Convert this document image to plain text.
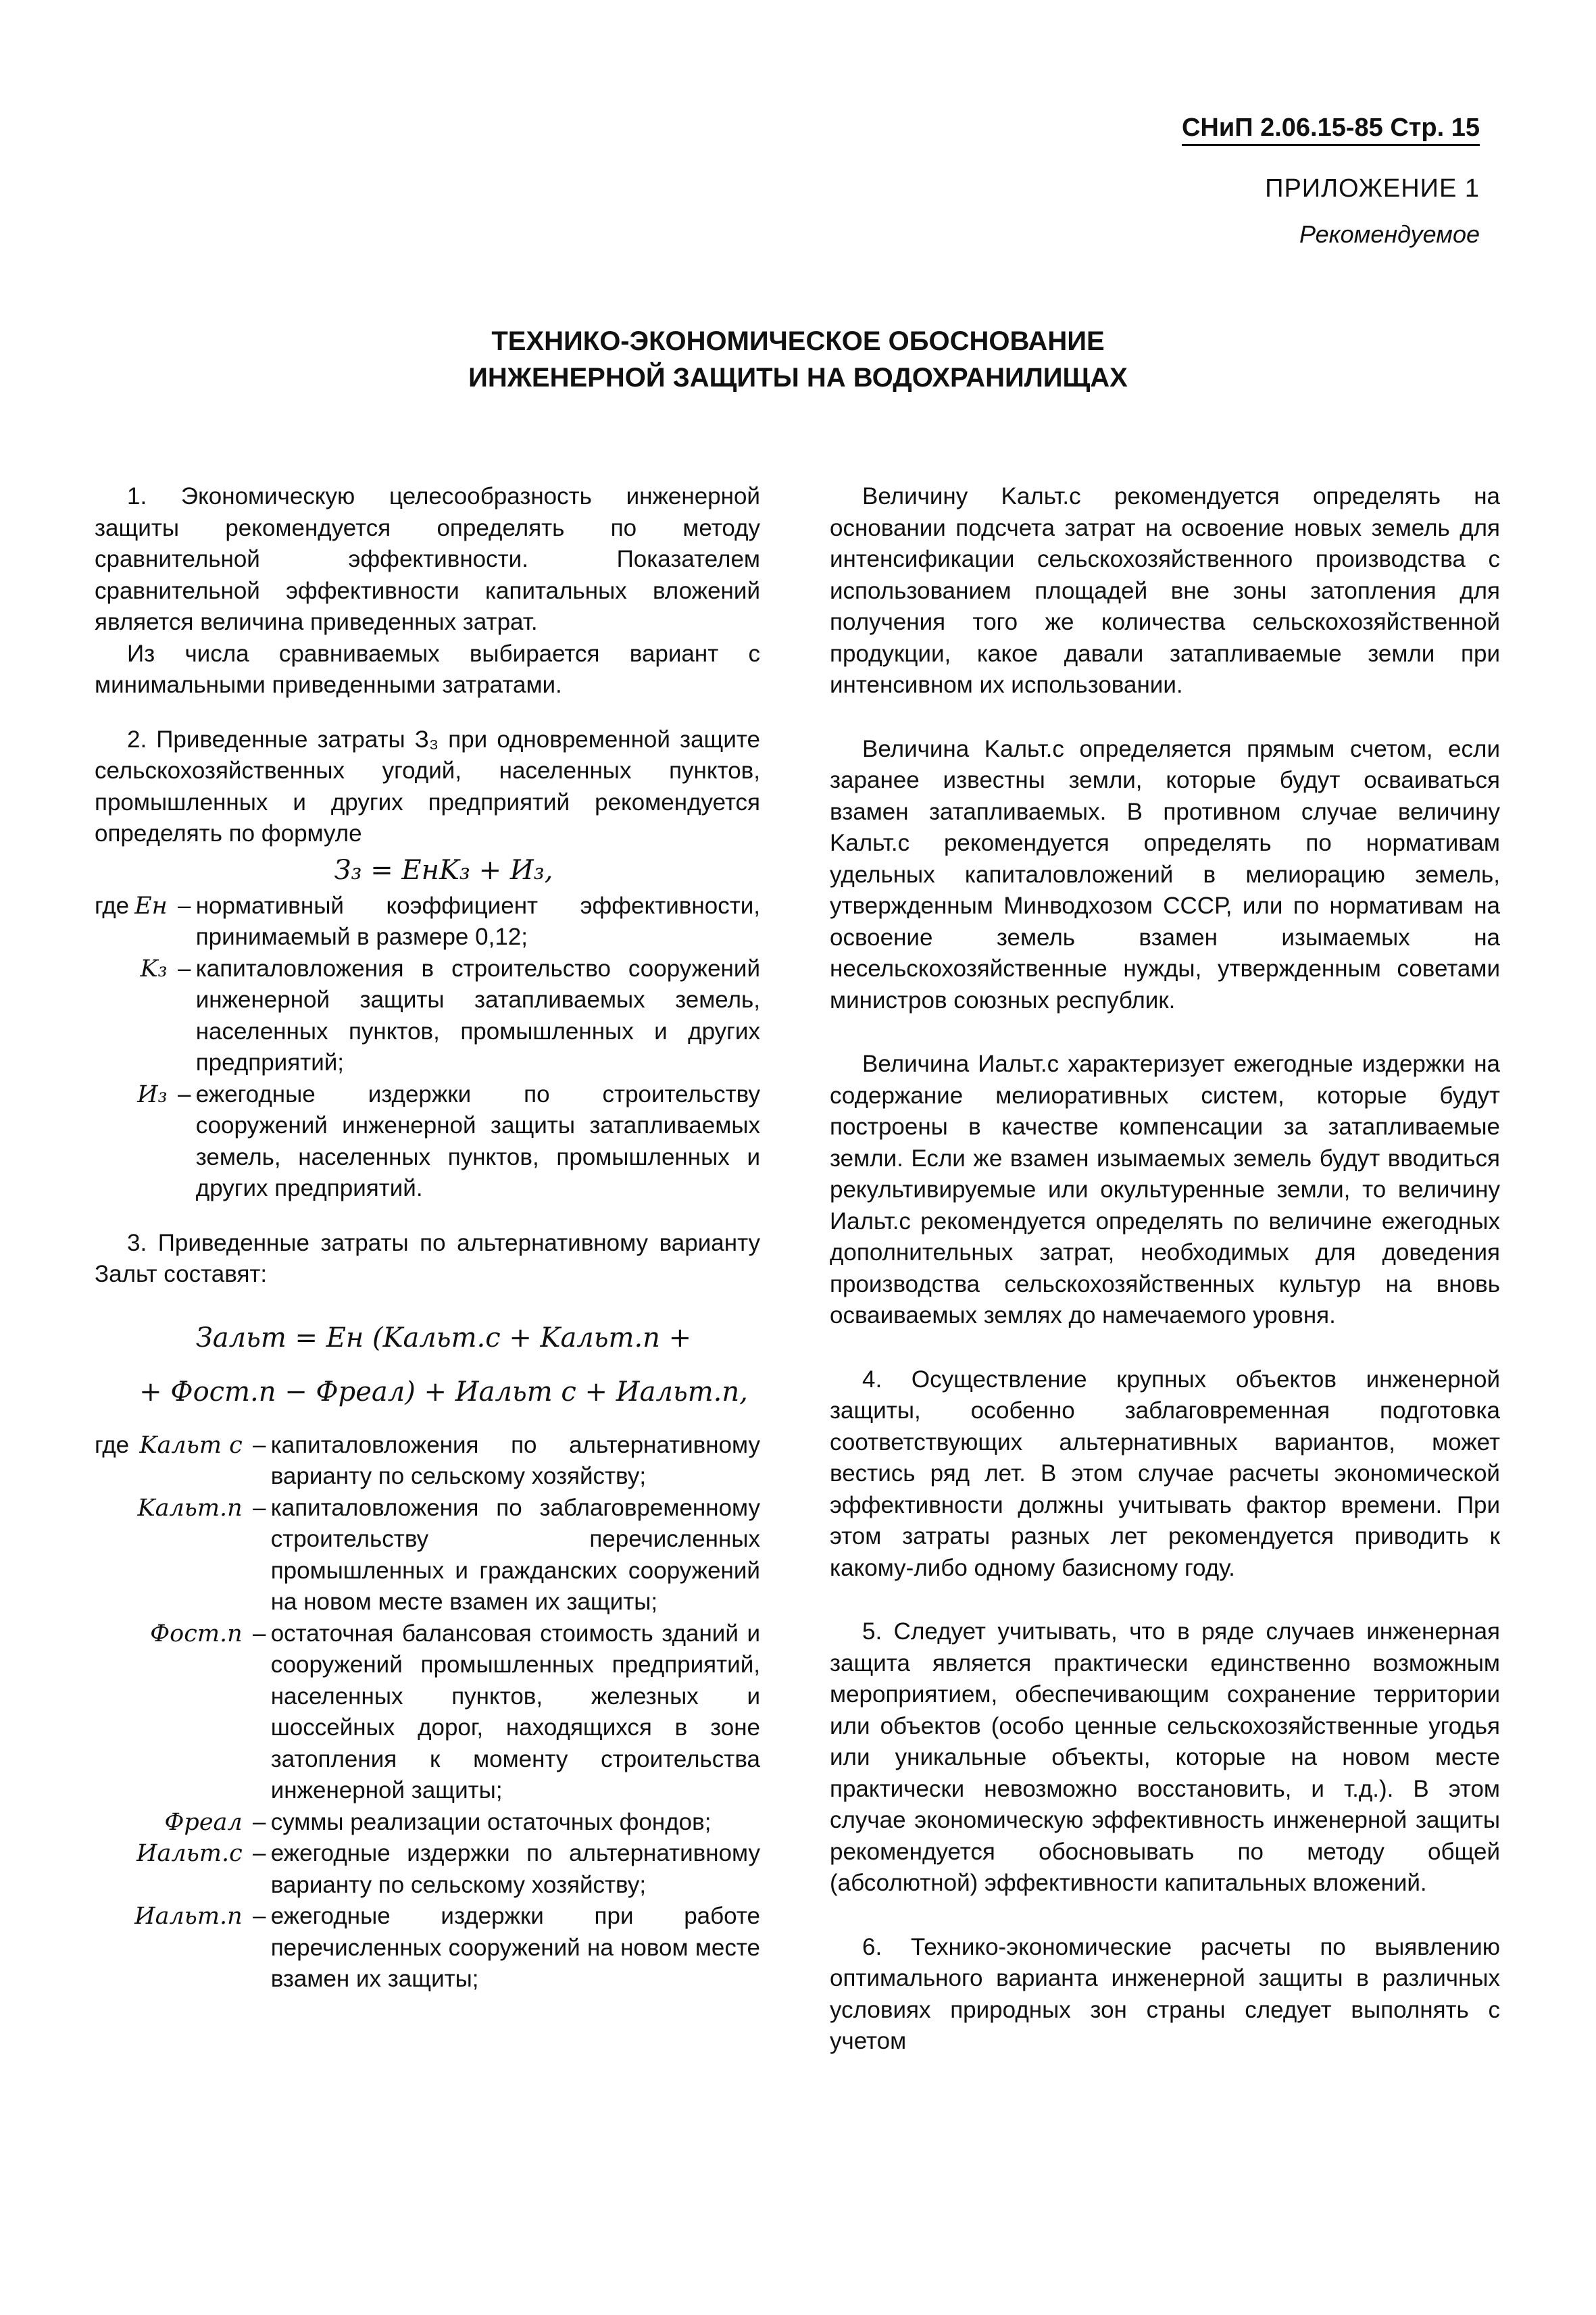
СНиП 2.06.15-85 Стр. 15
ПРИЛОЖЕНИЕ 1
Рекомендуемое
ТЕХНИКО-ЭКОНОМИЧЕСКОЕ ОБОСНОВАНИЕ
ИНЖЕНЕРНОЙ ЗАЩИТЫ НА ВОДОХРАНИЛИЩАХ

1. Экономическую целесообразность инженерной защиты рекомендуется определять по методу сравнительной эффективности. Показателем сравнительной эффективности капитальных вложений является величина приведенных затрат.

Из числа сравниваемых выбирается вариант с минимальными приведенными затратами.

2. Приведенные затраты З₃ при одновременной защите сельскохозяйственных угодий, населенных пунктов, промышленных и других предприятий рекомендуется определять по формуле

З₃ = EнK₃ + И₃,

где	Eн	–	нормативный коэффициент эффективности, принимаемый в размере 0,12;
	K₃	–	капиталовложения в строительство сооружений инженерной защиты затапливаемых земель, населенных пунктов, промышленных и других предприятий;
	И₃	–	ежегодные издержки по строительству сооружений инженерной защиты затапливаемых земель, населенных пунктов, промышленных и других предприятий.

3. Приведенные затраты по альтернативному варианту Зальт составят:

Зальт = Eн (Kальт.с + Kальт.п +

+ Фост.п − Фреал) + Иальт с + Иальт.п,

где	Kальт с	–	капиталовложения по альтернативному варианту по сельскому хозяйству;
	Kальт.п	–	капиталовложения по заблаговременному строительству перечисленных промышленных и гражданских сооружений на новом месте взамен их защиты;
	Фост.п	–	остаточная балансовая стоимость зданий и сооружений промышленных предприятий, населенных пунктов, железных и шоссейных дорог, находящихся в зоне затопления к моменту строительства инженерной защиты;
	Фреал	–	суммы реализации остаточных фондов;
	Иальт.с	–	ежегодные издержки по альтернативному варианту по сельскому хозяйству;
	Иальт.п	–	ежегодные издержки при работе перечисленных сооружений на новом месте взамен их защиты;

Величину Kальт.с рекомендуется определять на основании подсчета затрат на освоение новых земель для интенсификации сельскохозяйственного производства с использованием площадей вне зоны затопления для получения того же количества сельскохозяйственной продукции, какое давали затапливаемые земли при интенсивном их использовании.

Величина Kальт.с определяется прямым счетом, если заранее известны земли, которые будут осваиваться взамен затапливаемых. В противном случае величину Kальт.с рекомендуется определять по нормативам удельных капиталовложений в мелиорацию земель, утвержденным Минводхозом СССР, или по нормативам на освоение земель взамен изымаемых на несельскохозяйственные нужды, утвержденным советами министров союзных республик.

Величина Иальт.с характеризует ежегодные издержки на содержание мелиоративных систем, которые будут построены в качестве компенсации за затапливаемые земли. Если же взамен изымаемых земель будут вводиться рекультивируемые или окультуренные земли, то величину Иальт.с рекомендуется определять по величине ежегодных дополнительных затрат, необходимых для доведения производства сельскохозяйственных культур на вновь осваиваемых землях до намечаемого уровня.

4. Осуществление крупных объектов инженерной защиты, особенно заблаговременная подготовка соответствующих альтернативных вариантов, может вестись ряд лет. В этом случае расчеты экономической эффективности должны учитывать фактор времени. При этом затраты разных лет рекомендуется приводить к какому-либо одному базисному году.

5. Следует учитывать, что в ряде случаев инженерная защита является практически единственно возможным мероприятием, обеспечивающим сохранение территории или объектов (особо ценные сельскохозяйственные угодья или уникальные объекты, которые на новом месте практически невозможно восстановить, и т.д.). В этом случае экономическую эффективность инженерной защиты рекомендуется обосновывать по методу общей (абсолютной) эффективности капитальных вложений.

6. Технико-экономические расчеты по выявлению оптимального варианта инженерной защиты в различных условиях природных зон страны следует выполнять с учетом
